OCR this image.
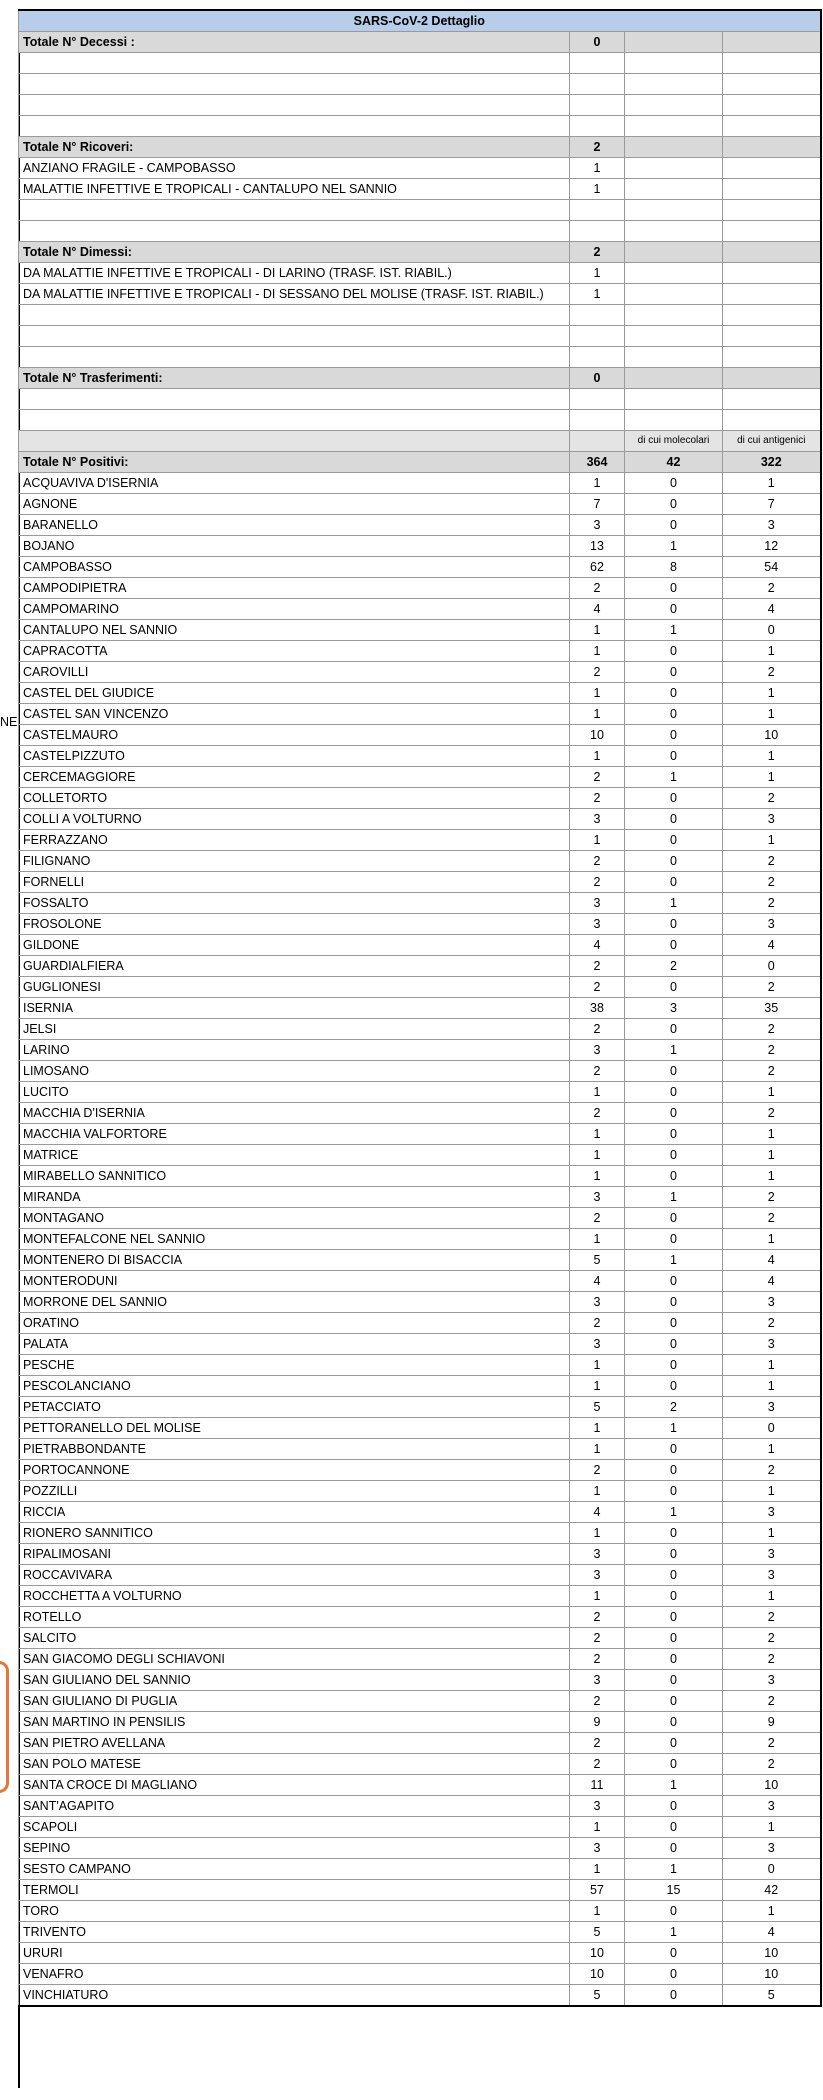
SARS-CoV-2 Dettaglio			
Totale N° Decessi :	0		

Totale N° Ricoveri:	2		
ANZIANO FRAGILE - CAMPOBASSO	1		
MALATTIE INFETTIVE E TROPICALI - CANTALUPO NEL SANNIO	1		

Totale N° Dimessi:	2		
DA MALATTIE INFETTIVE E TROPICALI - DI LARINO (TRASF. IST. RIABIL.)	1		
DA MALATTIE INFETTIVE E TROPICALI - DI SESSANO DEL MOLISE (TRASF. IST. RIABIL.)	1		

Totale N° Trasferimenti:	0		

		di cui molecolari	di cui antigenici
Totale N° Positivi:	364	42	322
ACQUAVIVA D'ISERNIA	1	0	1
AGNONE	7	0	7
BARANELLO	3	0	3
BOJANO	13	1	12
CAMPOBASSO	62	8	54
CAMPODIPIETRA	2	0	2
CAMPOMARINO	4	0	4
CANTALUPO NEL SANNIO	1	1	0
CAPRACOTTA	1	0	1
CAROVILLI	2	0	2
CASTEL DEL GIUDICE	1	0	1
CASTEL SAN VINCENZO	1	0	1
CASTELMAURO	10	0	10
CASTELPIZZUTO	1	0	1
CERCEMAGGIORE	2	1	1
COLLETORTO	2	0	2
COLLI A VOLTURNO	3	0	3
FERRAZZANO	1	0	1
FILIGNANO	2	0	2
FORNELLI	2	0	2
FOSSALTO	3	1	2
FROSOLONE	3	0	3
GILDONE	4	0	4
GUARDIALFIERA	2	2	0
GUGLIONESI	2	0	2
ISERNIA	38	3	35
JELSI	2	0	2
LARINO	3	1	2
LIMOSANO	2	0	2
LUCITO	1	0	1
MACCHIA D'ISERNIA	2	0	2
MACCHIA VALFORTORE	1	0	1
MATRICE	1	0	1
MIRABELLO SANNITICO	1	0	1
MIRANDA	3	1	2
MONTAGANO	2	0	2
MONTEFALCONE NEL SANNIO	1	0	1
MONTENERO DI BISACCIA	5	1	4
MONTERODUNI	4	0	4
MORRONE DEL SANNIO	3	0	3
ORATINO	2	0	2
PALATA	3	0	3
PESCHE	1	0	1
PESCOLANCIANO	1	0	1
PETACCIATO	5	2	3
PETTORANELLO DEL MOLISE	1	1	0
PIETRABBONDANTE	1	0	1
PORTOCANNONE	2	0	2
POZZILLI	1	0	1
RICCIA	4	1	3
RIONERO SANNITICO	1	0	1
RIPALIMOSANI	3	0	3
ROCCAVIVARA	3	0	3
ROCCHETTA A VOLTURNO	1	0	1
ROTELLO	2	0	2
SALCITO	2	0	2
SAN GIACOMO DEGLI SCHIAVONI	2	0	2
SAN GIULIANO DEL SANNIO	3	0	3
SAN GIULIANO DI PUGLIA	2	0	2
SAN MARTINO IN PENSILIS	9	0	9
SAN PIETRO AVELLANA	2	0	2
SAN POLO MATESE	2	0	2
SANTA CROCE DI MAGLIANO	11	1	10
SANT'AGAPITO	3	0	3
SCAPOLI	1	0	1
SEPINO	3	0	3
SESTO CAMPANO	1	1	0
TERMOLI	57	15	42
TORO	1	0	1
TRIVENTO	5	1	4
URURI	10	0	10
VENAFRO	10	0	10
VINCHIATURO	5	0	5
NE
